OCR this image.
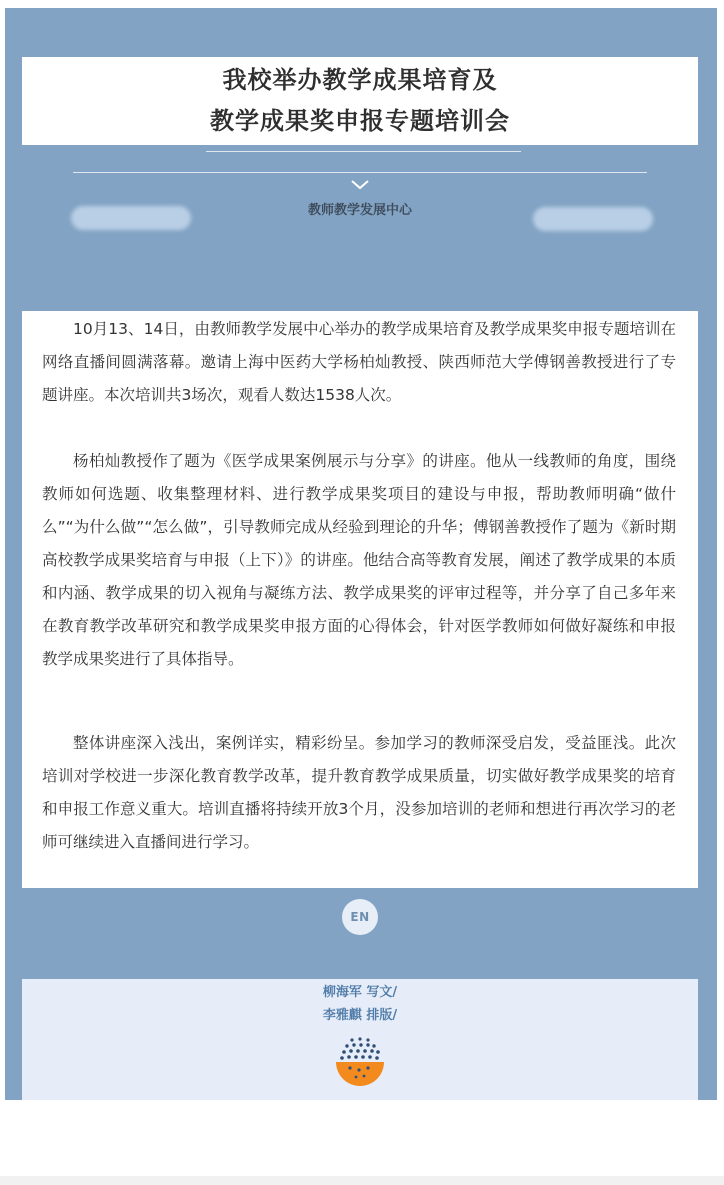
我校举办教学成果培育及
教学成果奖申报专题培训会
教师教学发展中心

10月13、14日，由教师教学发展中心举办的教学成果培育及教学成果奖申报专题培训在网络直播间圆满落幕。邀请上海中医药大学杨柏灿教授、陕西师范大学傅钢善教授进行了专题讲座。本次培训共3场次，观看人数达1538人次。

杨柏灿教授作了题为《医学成果案例展示与分享》的讲座。他从一线教师的角度，围绕教师如何选题、收集整理材料、进行教学成果奖项目的建设与申报，帮助教师明确“做什么”“为什么做”“怎么做”，引导教师完成从经验到理论的升华；傅钢善教授作了题为《新时期高校教学成果奖培育与申报（上下）》的讲座。他结合高等教育发展，阐述了教学成果的本质和内涵、教学成果的切入视角与凝练方法、教学成果奖的评审过程等，并分享了自己多年来在教育教学改革研究和教学成果奖申报方面的心得体会，针对医学教师如何做好凝练和申报教学成果奖进行了具体指导。

整体讲座深入浅出，案例详实，精彩纷呈。参加学习的教师深受启发，受益匪浅。此次培训对学校进一步深化教育教学改革，提升教育教学成果质量，切实做好教学成果奖的培育和申报工作意义重大。培训直播将持续开放3个月，没参加培训的老师和想进行再次学习的老师可继续进入直播间进行学习。

EN
柳海军 写文/
李雅麒 排版/
